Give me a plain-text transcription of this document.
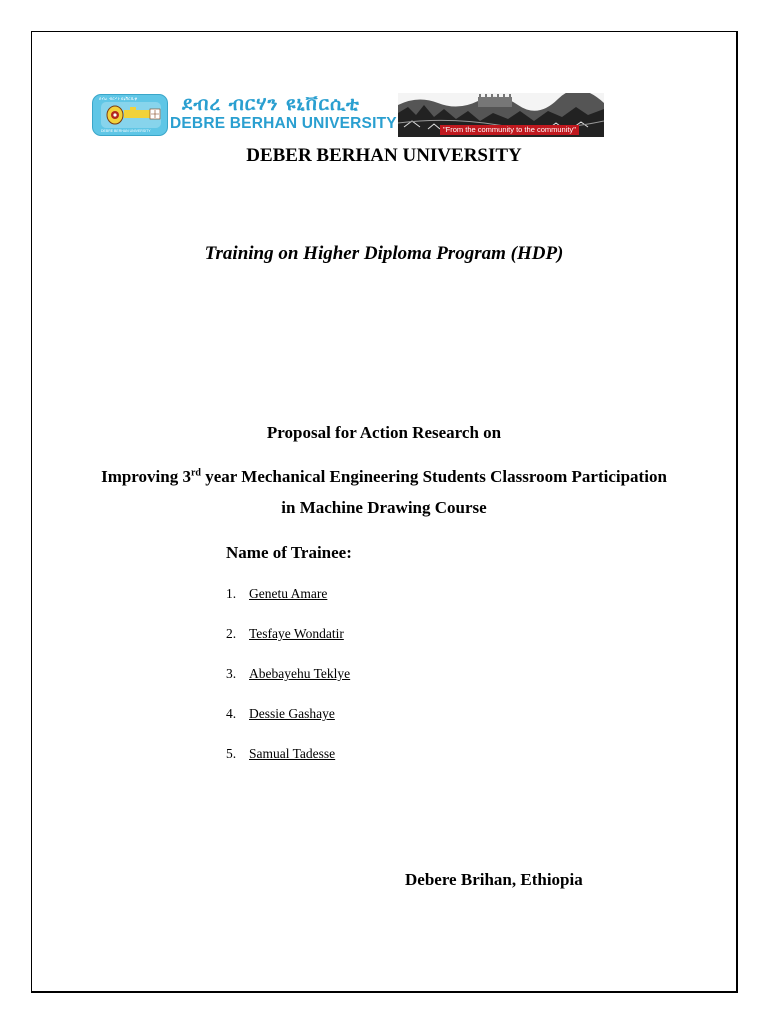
ደብረ ብርሃን ዩኒቨርሲቲ
DEBRE BERHAN UNIVERSITY
ደብረ ብርሃን ዩኒቨርሲቲ
DEBRE BERHAN UNIVERSITY	"From the community to the community"
DEBER BERHAN UNIVERSITY
Training on Higher Diploma Program (HDP)
Proposal for Action Research on
Improving 3rd year Mechanical Engineering Students Classroom Participation
in Machine Drawing Course
Name of Trainee:
1. Genetu Amare
2. Tesfaye Wondatir
3. Abebayehu Teklye
4. Dessie Gashaye
5. Samual Tadesse
Debere Brihan, Ethiopia
